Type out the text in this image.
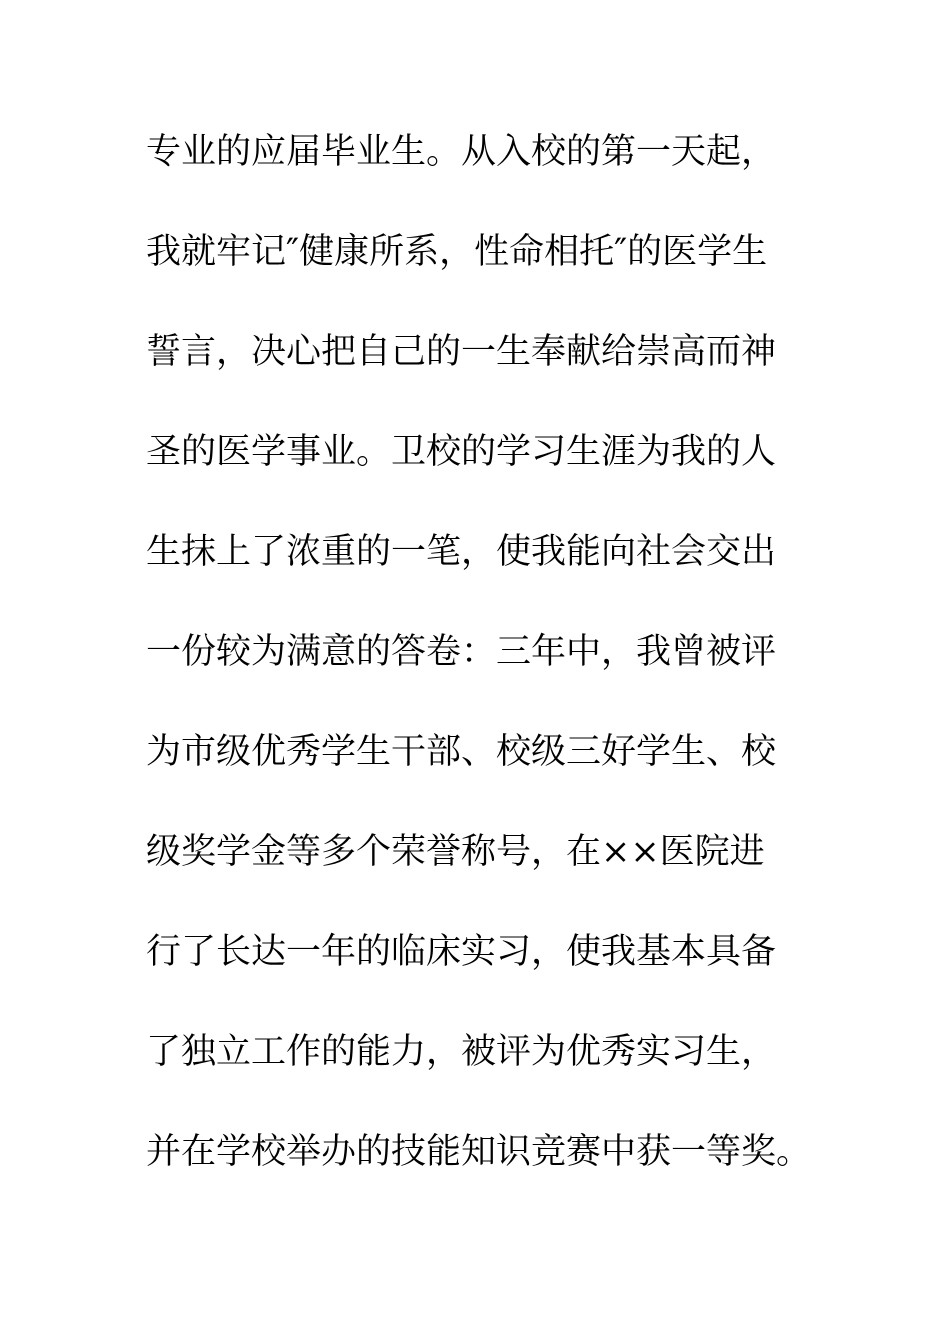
专业的应届毕业生。从入校的第一天起，

我就牢记″健康所系，性命相托″的医学生

誓言，决心把自己的一生奉献给崇高而神

圣的医学事业。卫校的学习生涯为我的人

生抹上了浓重的一笔，使我能向社会交出

一份较为满意的答卷：三年中，我曾被评

为市级优秀学生干部、校级三好学生、校

级奖学金等多个荣誉称号，在××医院进

行了长达一年的临床实习，使我基本具备

了独立工作的能力，被评为优秀实习生，

并在学校举办的技能知识竞赛中获一等奖。
